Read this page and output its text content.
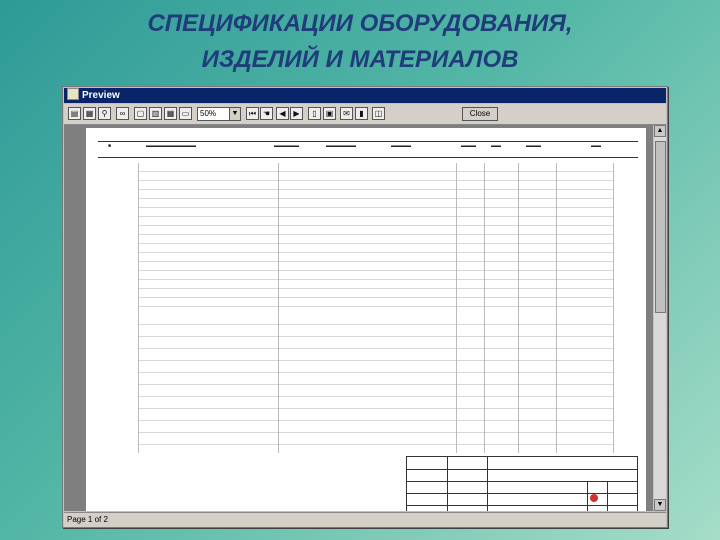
СПЕЦИФИКАЦИИ ОБОРУДОВАНИЯ,
ИЗДЕЛИЙ И МАТЕРИАЛОВ
Preview
▤ ▦	⚲	∞	▢ ▥ ▦ ▭	50%	▼	⏮ ☚	◀ ▶	▯	▣	✉	▮	◫	Close
■	▬▬▬▬▬▬▬▬▬▬	▬▬▬▬▬	▬▬▬▬▬▬	▬▬▬▬	▬▬▬	▬▬	▬▬▬	▬▬
▲
▼
Page 1 of 2
